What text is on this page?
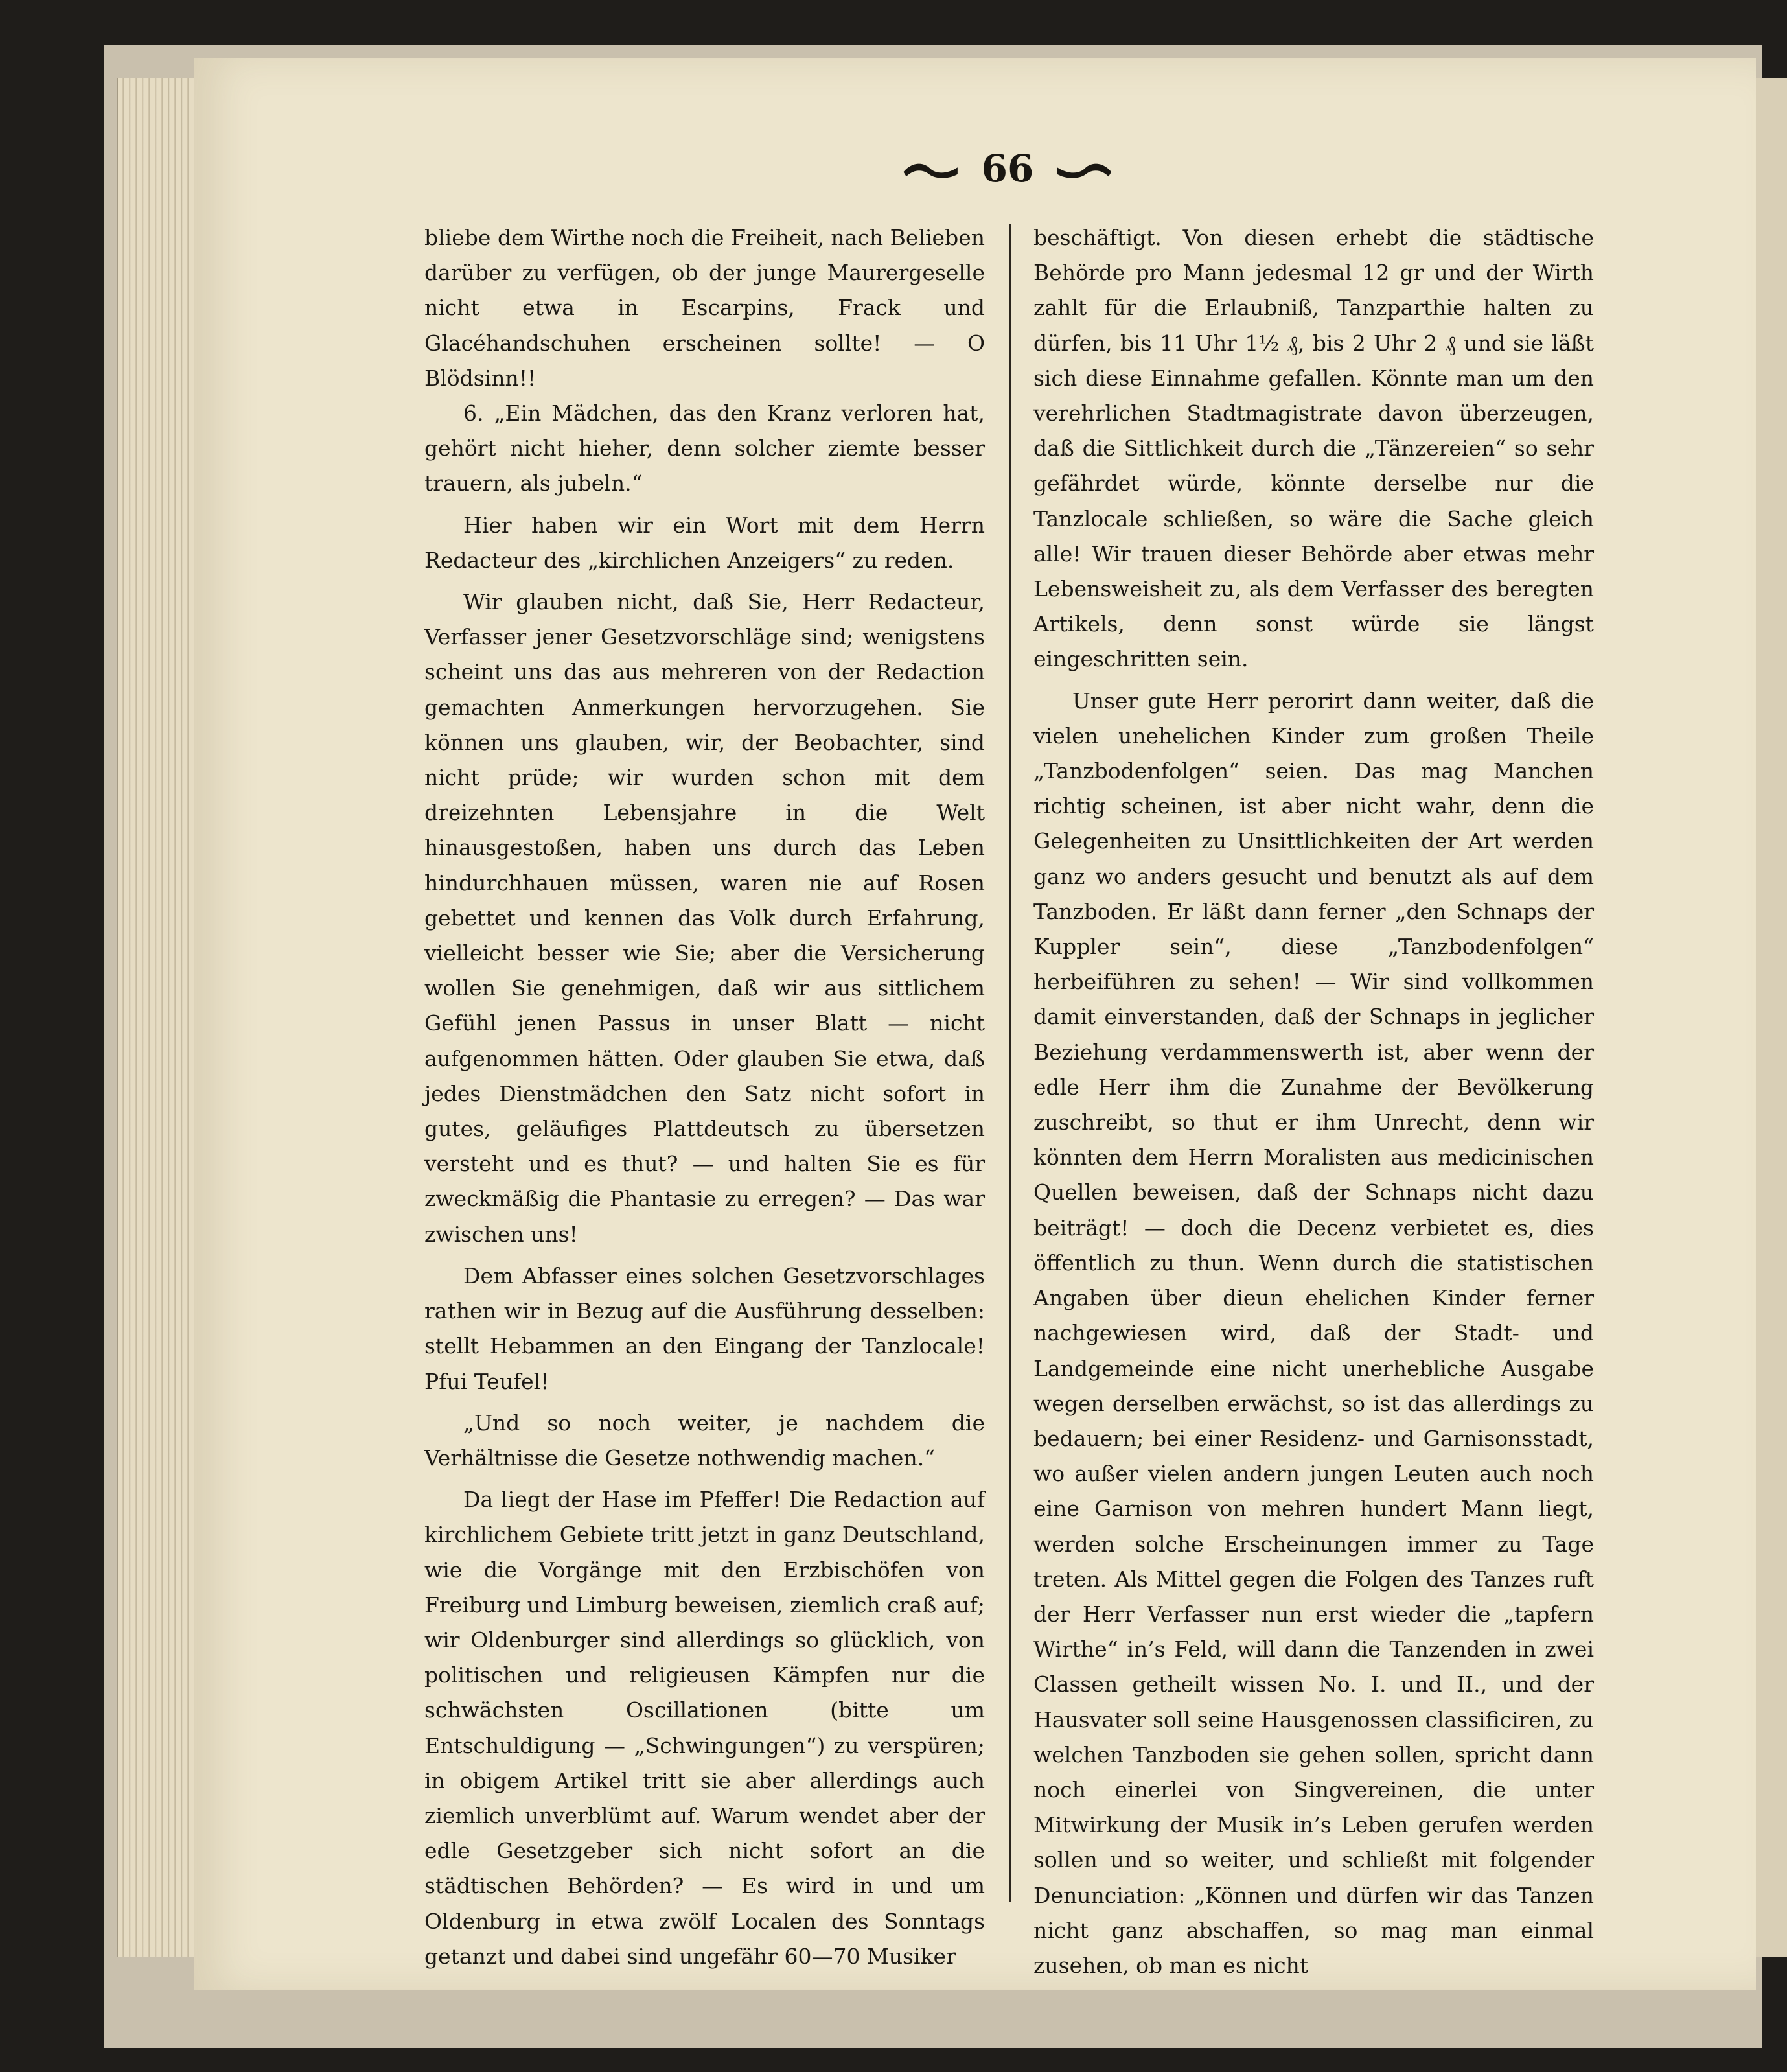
66

bliebe dem Wirthe noch die Freiheit, nach Belieben darüber zu verfügen, ob der junge Maurergeselle nicht etwa in Escarpins, Frack und Glacéhandschuhen erscheinen sollte! — O Blödsinn!!

6. „Ein Mädchen, das den Kranz verloren hat, gehört nicht hieher, denn solcher ziemte besser trauern, als jubeln.“

Hier haben wir ein Wort mit dem Herrn Redacteur des „kirchlichen Anzeigers“ zu reden.

Wir glauben nicht, daß Sie, Herr Redacteur, Verfasser jener Gesetzvorschläge sind; wenigstens scheint uns das aus mehreren von der Redaction gemachten Anmerkungen hervorzugehen. Sie können uns glauben, wir, der Beobachter, sind nicht prüde; wir wurden schon mit dem dreizehnten Lebensjahre in die Welt hinausgestoßen, haben uns durch das Leben hindurchhauen müssen, waren nie auf Rosen gebettet und kennen das Volk durch Erfahrung, vielleicht besser wie Sie; aber die Versicherung wollen Sie genehmigen, daß wir aus sittlichem Gefühl jenen Passus in unser Blatt — nicht aufgenommen hätten. Oder glauben Sie etwa, daß jedes Dienstmädchen den Satz nicht sofort in gutes, geläufiges Plattdeutsch zu übersetzen versteht und es thut? — und halten Sie es für zweckmäßig die Phantasie zu erregen? — Das war zwischen uns!

Dem Abfasser eines solchen Gesetzvorschlages rathen wir in Bezug auf die Ausführung desselben: stellt Hebammen an den Eingang der Tanzlocale! Pfui Teufel!

„Und so noch weiter, je nachdem die Verhältnisse die Gesetze nothwendig machen.“

Da liegt der Hase im Pfeffer! Die Redaction auf kirchlichem Gebiete tritt jetzt in ganz Deutschland, wie die Vorgänge mit den Erzbischöfen von Freiburg und Limburg beweisen, ziemlich craß auf; wir Oldenburger sind allerdings so glücklich, von politischen und religieusen Kämpfen nur die schwächsten Oscillationen (bitte um Entschuldigung — „Schwingungen“) zu verspüren; in obigem Artikel tritt sie aber allerdings auch ziemlich unverblümt auf. Warum wendet aber der edle Gesetzgeber sich nicht sofort an die städtischen Behörden? — Es wird in und um Oldenburg in etwa zwölf Localen des Sonntags getanzt und dabei sind ungefähr 60—70 Musiker

beschäftigt. Von diesen erhebt die städtische Behörde pro Mann jedesmal 12 gr und der Wirth zahlt für die Erlaubniß, Tanzparthie halten zu dürfen, bis 11 Uhr 1½ ₰, bis 2 Uhr 2 ₰ und sie läßt sich diese Einnahme gefallen. Könnte man um den verehrlichen Stadtmagistrate davon überzeugen, daß die Sittlichkeit durch die „Tänzereien“ so sehr gefährdet würde, könnte derselbe nur die Tanzlocale schließen, so wäre die Sache gleich alle! Wir trauen dieser Behörde aber etwas mehr Lebensweisheit zu, als dem Verfasser des beregten Artikels, denn sonst würde sie längst eingeschritten sein.

Unser gute Herr perorirt dann weiter, daß die vielen unehelichen Kinder zum großen Theile „Tanzbodenfolgen“ seien. Das mag Manchen richtig scheinen, ist aber nicht wahr, denn die Gelegenheiten zu Unsittlichkeiten der Art werden ganz wo anders gesucht und benutzt als auf dem Tanzboden. Er läßt dann ferner „den Schnaps der Kuppler sein“, diese „Tanzbodenfolgen“ herbeiführen zu sehen! — Wir sind vollkommen damit einverstanden, daß der Schnaps in jeglicher Beziehung verdammenswerth ist, aber wenn der edle Herr ihm die Zunahme der Bevölkerung zuschreibt, so thut er ihm Unrecht, denn wir könnten dem Herrn Moralisten aus medicinischen Quellen beweisen, daß der Schnaps nicht dazu beiträgt! — doch die Decenz verbietet es, dies öffentlich zu thun. Wenn durch die statistischen Angaben über dieun ehelichen Kinder ferner nachgewiesen wird, daß der Stadt- und Landgemeinde eine nicht unerhebliche Ausgabe wegen derselben erwächst, so ist das allerdings zu bedauern; bei einer Residenz- und Garnisonsstadt, wo außer vielen andern jungen Leuten auch noch eine Garnison von mehren hundert Mann liegt, werden solche Erscheinungen immer zu Tage treten. Als Mittel gegen die Folgen des Tanzes ruft der Herr Verfasser nun erst wieder die „tapfern Wirthe“ in’s Feld, will dann die Tanzenden in zwei Classen getheilt wissen No. I. und II., und der Hausvater soll seine Hausgenossen classificiren, zu welchen Tanzboden sie gehen sollen, spricht dann noch einerlei von Singvereinen, die unter Mitwirkung der Musik in’s Leben gerufen werden sollen und so weiter, und schließt mit folgender Denunciation: „Können und dürfen wir das Tanzen nicht ganz abschaffen, so mag man einmal zusehen, ob man es nicht
